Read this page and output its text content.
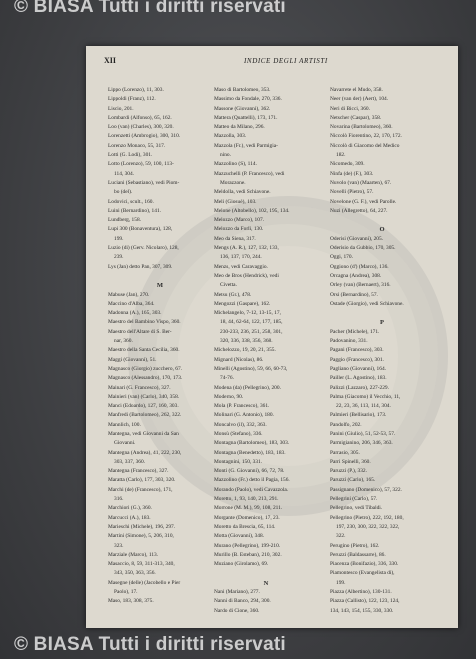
© BIASA Tutti i diritti riservati
XII	INDICE DEGLI ARTISTI
Lippo (Lorenzo), 11, 303.
Lippoldi (Franz), 112.
Liscio, 201.
Lombardi (Alfonso), 65, 162.
Loo (van) (Charles), 300, 320.
Lorenzetti (Ambrogio), 300, 310.
Lorenzo Monaco, 55, 317.
Lotti (G. Lodi), 301.
Lotto (Lorenzo), 59, 100, 113-
114, 304.
Luciani (Sebastiano), vedi Piom-
bo (del).
Lodovici, scult., 160.
Luini (Bernardino), 141.
Lundberg, 158.
Lupi 300 (Bonaventura), 128,
199.
Luzio (di) (Gerv. Nicolaro), 128,
239.
Lys (Jan) detto Pan, 307, 309.
M
Mabuse (Jan), 270.
Maccino d'Alba, 364.
Madonna (A.), 165, 303.
Maestro del Bambino Vispo, 360.
Maestro dell'Altare di S. Ber-
nar, 360.
Maestro della Santa Cecilia, 360.
Maggi (Giovanni), 51.
Magnasco (Giorgio) zucchero, 67.
Magnasco (Alessandro), 170, 173.
Mainari (G. Francesco), 327.
Mainieri (van) (Carlo), 340, 358.
Manci (Edoardo), 127, 160, 303.
Manfredi (Bartolomeo), 262, 322.
Mannlich, 100.
Mantegna, vedi Giovanni da San
Giovanni.
Mantegna (Andrea), 41, 222, 230,
303, 337, 360.
Mantegna (Francesco), 327.
Maratta (Carlo), 177, 303, 320.
Marchi (de) (Francesco), 171,
316.
Marchiori (G.), 360.
Marcucci (A.), 183.
Marieschi (Michele), 196, 297.
Martini (Simone), 5, 206, 310,
323.
Marziale (Marco), 113.
Masaccio, 8, 59, 311-313, 340,
343, 350, 363, 356.
Masegne (delle) (Jacobello e Pier
Paolo), 17.
Maso, 183, 308, 375.
Maso di Bartolomeo, 353.
Massimo da Fondale, 270, 336.
Massone (Giovanni), 362.
Mattera (Quattelli), 173, 171.
Matteo da Milano, 296.
Mazzolla, 303.
Mazzola (Fr.), vedi Parmigia-
nino.
Mazzolino (S), 114.
Mazzuchelli (P. Francesco), vedi
Morazzone.
Meldolla, vedi Schiavone.
Meli (Giosuè), 103.
Melone (Altobello), 102, 195, 134.
Melozzo (Marco), 107.
Melozzo da Forlì, 130.
Meo da Siena, 317.
Mengs (A. R.), 127, 132, 133,
136, 137, 170, 244.
Menzs, vedi Caravaggio.
Meo de Bros (Hendrick), vedi
Civetta.
Metsu (Gr.), 478.
Mengozzi (Gaspare), 162.
Michelangelo, 7-12, 13-15, 17,
18, 44, 62-64, 122, 177, 185,
230-233, 236, 251, 258, 301,
320, 336, 338, 356, 368.
Michelozzo, 19, 20, 21, 355.
Mignard (Nicolas), 86.
Minelli (Agostino), 59, 66, 60-73,
74-76.
Modena (da) (Pellegrino), 200.
Moderno, 90.
Mola (P. Francesco), 361.
Molinari (G. Antonio), 180.
Moncalvo (il), 332, 363.
Monsù (Stefano), 336.
Montagna (Bartolomeo), 183, 303.
Montagna (Benedetto), 183, 183.
Montagnini, 150, 331.
Monti (G. Giovanni), 66, 72, 78.
Mazzolino (Fr.) detto il Pagia, 156.
Morando (Paolo), vedi Cavazzola.
Moretto, 1, 93, 140, 213, 291.
Morrone (M. M.), 99, 108, 211.
Morgante (Domenico), 17, 23.
Moretto da Brescia, 65, 114.
Motta (Giovanni), 348.
Murano (Pellegrino), 199-210.
Murillo (B. Esteban), 210, 302.
Muziano (Girolamo), 69.
N
Nani (Mariano), 277.
Nanni di Banco, 294, 300.
Nardo di Cione, 360.
Navarrete el Mudo, 358.
Neer (van der) (Aert), 104.
Neri di Bicci, 360.
Netscher (Caspar), 358.
Novarina (Bartolomeo), 360.
Niccolò Fiorentino, 22, 170, 172.
Niccolò di Giacomo del Medico
182.
Nicomedo, 309.
Ninfa (de) (F.), 303.
Nuvolo (van) (Maarten), 67.
Novelli (Pietro), 57.
Novelone (G. F.), vedi Parolle.
Nuzi (Allegretto), 64, 227.
O
Oderisi (Giovanni), 205.
Oderisio da Gubbio, 170, 305.
Oggi, 170.
Oggiono (d') (Marco), 136.
Orcagna (Andrea), 308.
Orley (van) (Bernaert), 316.
Orsi (Bernardino), 57.
Ostade (Giorgio), vedi Schiavone.
P
Pacher (Michele), 171.
Padovanino, 331.
Pagani (Francesco), 303.
Paggio (Francesco), 301.
Pagliano (Giovanni), 164.
Pailler (L. Agostino), 183.
Palizzi (Lazzaro), 227-229.
Palma (Giacomo) il Vecchio, 11,
22, 23, 36, 113, 114, 304.
Palmieri (Bellisario), 173.
Pandolfo, 202.
Panini (Giulio), 51, 52-53, 57.
Parmigianino, 206, 346, 363.
Parrasio, 305.
Parri Spinelli, 360.
Paruzzi (P.), 332.
Paruzzi (Carlo), 165.
Passignano (Domenico), 57, 322.
Pellegrini (Carlo), 57.
Pellegrino, vedi Tibaldi.
Pellegrino (Pietro), 222, 192, 180,
197, 230, 300, 322, 322, 322,
322.
Perugino (Pietro), 162.
Peruzzi (Baldassarre), 86.
Piacenza (Bonifazio), 336, 330.
Piamontesco (Evangelista di),
199.
Piazza (Albertino), 130-131.
Piazza (Callisto), 122, 123, 124,
134, 143, 154, 155, 330, 330.
© BIASA Tutti i diritti riservati
